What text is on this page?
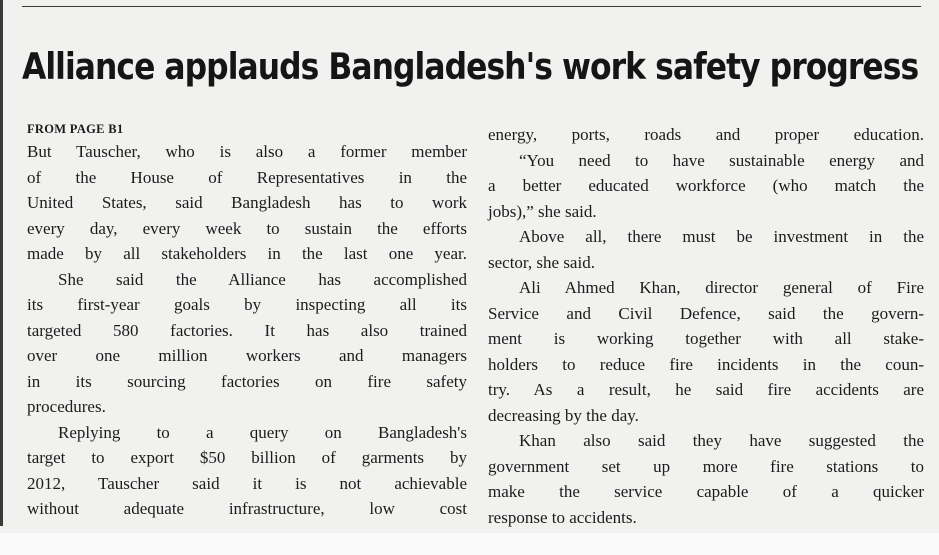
Alliance applauds Bangladesh's work safety progress
FROM PAGE B1
But Tauscher, who is also a former member
of the House of Representatives in the
United States, said Bangladesh has to work
every day, every week to sustain the efforts
made by all stakeholders in the last one year.
She said the Alliance has accomplished
its first-year goals by inspecting all its
targeted 580 factories. It has also trained
over one million workers and managers
in its sourcing factories on fire safety
procedures.
Replying to a query on Bangladesh's
target to export $50 billion of garments by
2012, Tauscher said it is not achievable
without adequate infrastructure, low cost
energy, ports, roads and proper education.
“You need to have sustainable energy and
a better educated workforce (who match the
jobs),” she said.
Above all, there must be investment in the
sector, she said.
Ali Ahmed Khan, director general of Fire
Service and Civil Defence, said the govern-
ment is working together with all stake-
holders to reduce fire incidents in the coun-
try. As a result, he said fire accidents are
decreasing by the day.
Khan also said they have suggested the
government set up more fire stations to
make the service capable of a quicker
response to accidents.
